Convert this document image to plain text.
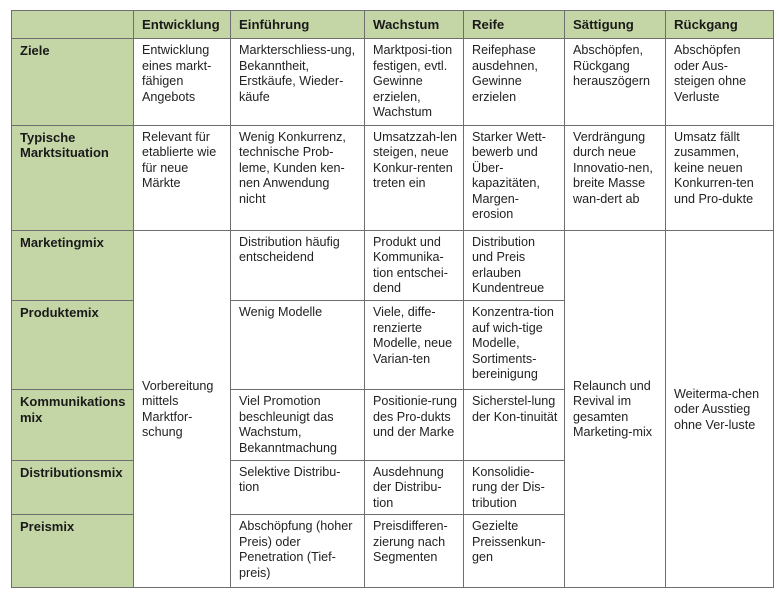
	Entwicklung	Einführung	Wachstum	Reife	Sättigung	Rückgang
Ziele	Entwicklung eines markt-fähigen Angebots	Markterschliess-ung, Bekanntheit, Erstkäufe, Wieder-käufe	Marktposi-tion festigen, evtl. Gewinne erzielen, Wachstum	Reifephase ausdehnen, Gewinne erzielen	Abschöpfen, Rückgang herauszögern	Abschöpfen oder Aus-steigen ohne Verluste
Typische Marktsituation	Relevant für etablierte wie für neue Märkte	Wenig Konkurrenz, technische Prob-leme, Kunden ken-nen Anwendung nicht	Umsatzzah-len steigen, neue Konkur-renten treten ein	Starker Wett-bewerb und Über-kapazitäten, Margen-erosion	Verdrängung durch neue Innovatio-nen, breite Masse wan-dert ab	Umsatz fällt zusammen, keine neuen Konkurren-ten und Pro-dukte
Marketingmix	Vorbereitung mittels Marktfor-schung	Distribution häufig entscheidend	Produkt und Kommunika-tion entschei-dend	Distribution und Preis erlauben Kundentreue	Relaunch und Revival im gesamten Marketing-mix	Weiterma-chen oder Ausstieg ohne Ver-luste
Produktemix		Wenig Modelle	Viele, diffe-renzierte Modelle, neue Varian-ten	Konzentra-tion auf wich-tige Modelle, Sortiments-bereinigung		
Kommunikations mix		Viel Promotion beschleunigt das Wachstum, Bekanntmachung	Positionie-rung des Pro-dukts und der Marke	Sicherstel-lung der Kon-tinuität		
Distributionsmix		Selektive Distribu-tion	Ausdehnung der Distribu-tion	Konsolidie-rung der Dis-tribution		
Preismix		Abschöpfung (hoher Preis) oder Penetration (Tief-preis)	Preisdifferen-zierung nach Segmenten	Gezielte Preissenkun-gen		
